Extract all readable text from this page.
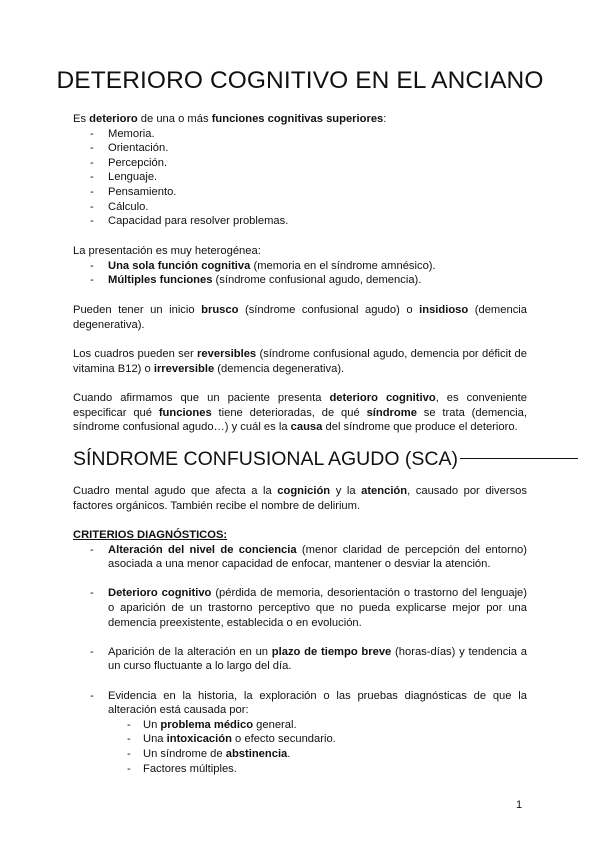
DETERIORO COGNITIVO EN EL ANCIANO

Es deterioro de una o más funciones cognitivas superiores:

- Memoria.
- Orientación.
- Percepción.
- Lenguaje.
- Pensamiento.
- Cálculo.
- Capacidad para resolver problemas.

La presentación es muy heterogénea:

- Una sola función cognitiva (memoria en el síndrome amnésico).
- Múltiples funciones (síndrome confusional agudo, demencia).

Pueden tener un inicio brusco (síndrome confusional agudo) o insidioso (demencia degenerativa).

Los cuadros pueden ser reversibles (síndrome confusional agudo, demencia por déficit de vitamina B12) o irreversible (demencia degenerativa).

Cuando afirmamos que un paciente presenta deterioro cognitivo, es conveniente especificar qué funciones tiene deterioradas, de qué síndrome se trata (demencia, síndrome confusional agudo…) y cuál es la causa del síndrome que produce el deterioro.

SÍNDROME CONFUSIONAL AGUDO (SCA)

Cuadro mental agudo que afecta a la cognición y la atención, causado por diversos factores orgánicos. También recibe el nombre de delirium.

CRITERIOS DIAGNÓSTICOS:

- Alteración del nivel de conciencia (menor claridad de percepción del entorno) asociada a una menor capacidad de enfocar, mantener o desviar la atención.
- Deterioro cognitivo (pérdida de memoria, desorientación o trastorno del lenguaje) o aparición de un trastorno perceptivo que no pueda explicarse mejor por una demencia preexistente, establecida o en evolución.
- Aparición de la alteración en un plazo de tiempo breve (horas-días) y tendencia a un curso fluctuante a lo largo del día.
- Evidencia en la historia, la exploración o las pruebas diagnósticas de que la alteración está causada por:
- Un problema médico general.
- Una intoxicación o efecto secundario.
- Un síndrome de abstinencia.
- Factores múltiples.
1
